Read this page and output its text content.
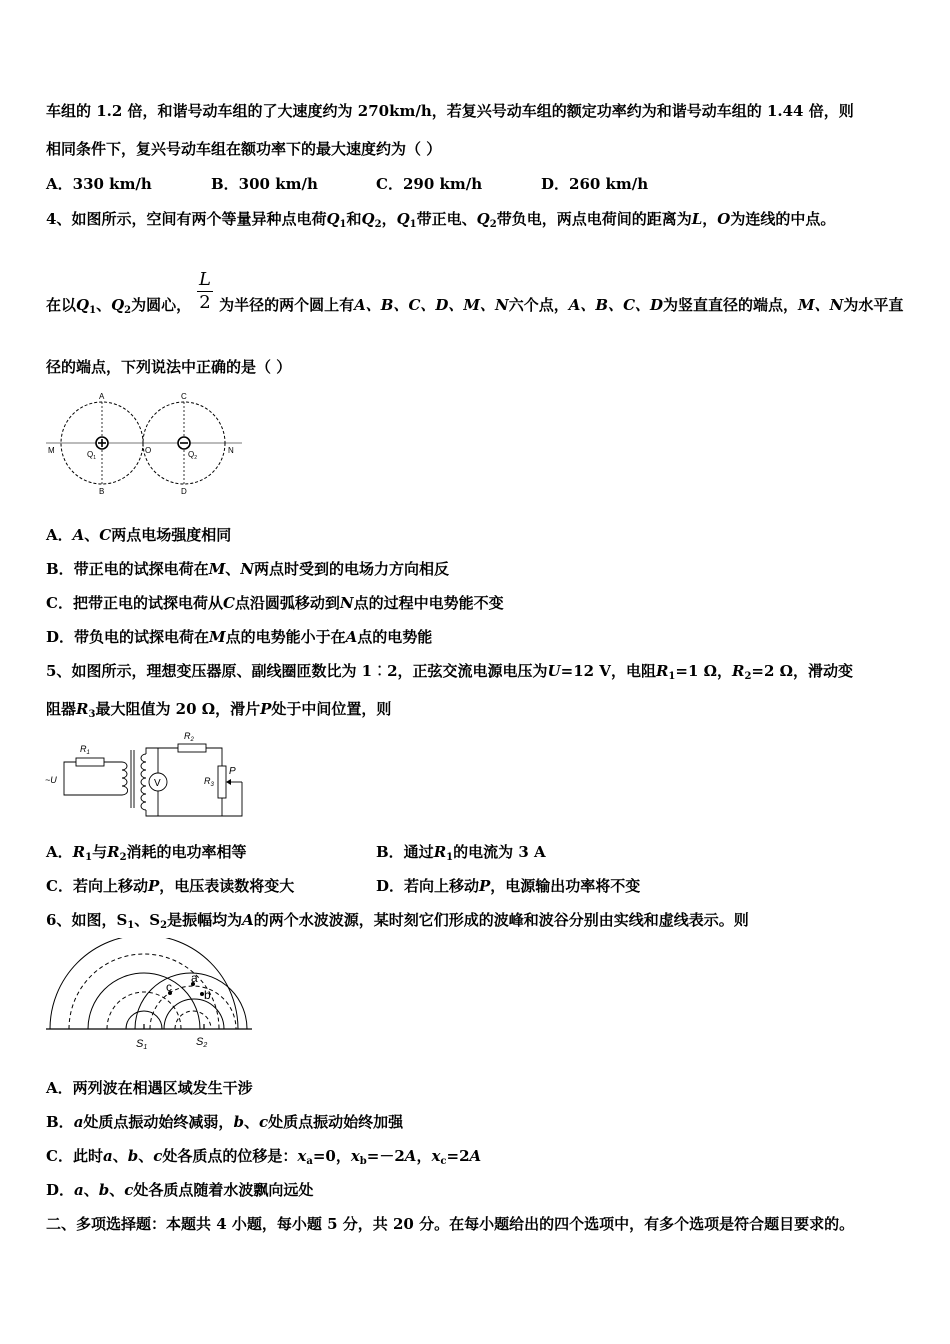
车组的 1.2 倍，和谐号动车组的了大速度约为 270km/h，若复兴号动车组的额定功率约为和谐号动车组的 1.44 倍，则
相同条件下，复兴号动车组在额功率下的最大速度约为（ ）
A．330 km/h	B．300 km/h	C．290 km/h	D．260 km/h
4、如图所示，空间有两个等量异种点电荷$Q_1$和$Q_2$，$Q_1$带正电、$Q_2$带负电，两点电荷间的距离为L，O为连线的中点。
L
2
在以$Q_1$、$Q_2$为圆心， 为半径的两个圆上有A、B、C、D、M、N六个点，A、B、C、D为竖直直径的端点，M、N为水平直
径的端点，下列说法中正确的是（ ）
A
B
C
D
M	N
O
$Q_1$	$Q_2$
A．A、C两点电场强度相同
B．带正电的试探电荷在M、N两点时受到的电场力方向相反
C．把带正电的试探电荷从C点沿圆弧移动到N点的过程中电势能不变
D．带负电的试探电荷在M点的电势能小于在A点的电势能
5、如图所示，理想变压器原、副线圈匝数比为 1︰2，正弦交流电源电压为U=12 V，电阻$R_1=1$ Ω，$R_2=2$ Ω，滑动变
阻器$R_3$最大阻值为 20 Ω，滑片P处于中间位置，则
V
P
$R_1$
$R_2$
$R_3$
~U
A．$R_1$与$R_2$消耗的电功率相等	B．通过$R_1$的电流为 3 A
C．若向上移动P，电压表读数将变大	D．若向上移动P，电源输出功率将不变
6、如图，$S_1$、$S_2$是振幅均为A的两个水波波源，某时刻它们形成的波峰和波谷分别由实线和虚线表示。则
a
b
c
S1	S2
A．两列波在相遇区域发生干涉
B．a处质点振动始终减弱，b、c处质点振动始终加强
C．此时a、b、c处各质点的位移是：$x_a=0$，$x_b=-2A$，$x_c=2A$
D．a、b、c处各质点随着水波飘向远处
二、多项选择题：本题共 4 小题，每小题 5 分，共 20 分。在每小题给出的四个选项中，有多个选项是符合题目要求的。
